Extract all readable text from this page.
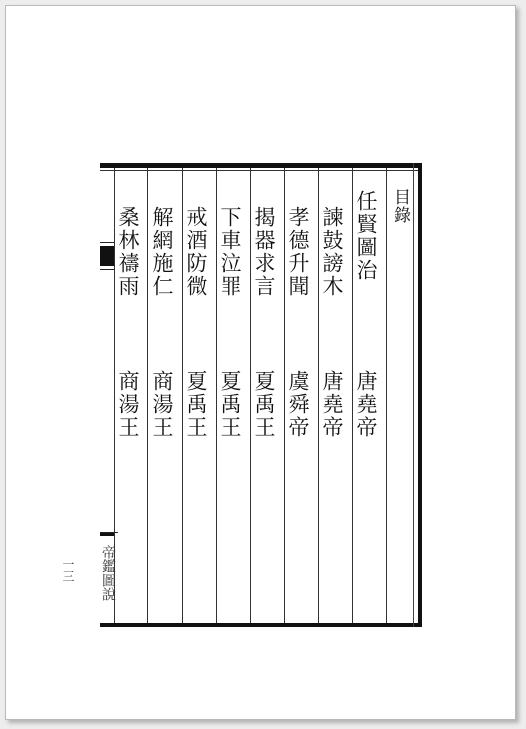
目錄
任賢圖治
唐堯帝
諫鼓謗木
唐堯帝
孝德升聞
虞舜帝
揭器求言
夏禹王
下車泣罪
夏禹王
戒酒防微
夏禹王
解網施仁
商湯王
桑林禱雨
商湯王
帝鑑圖說
一三
